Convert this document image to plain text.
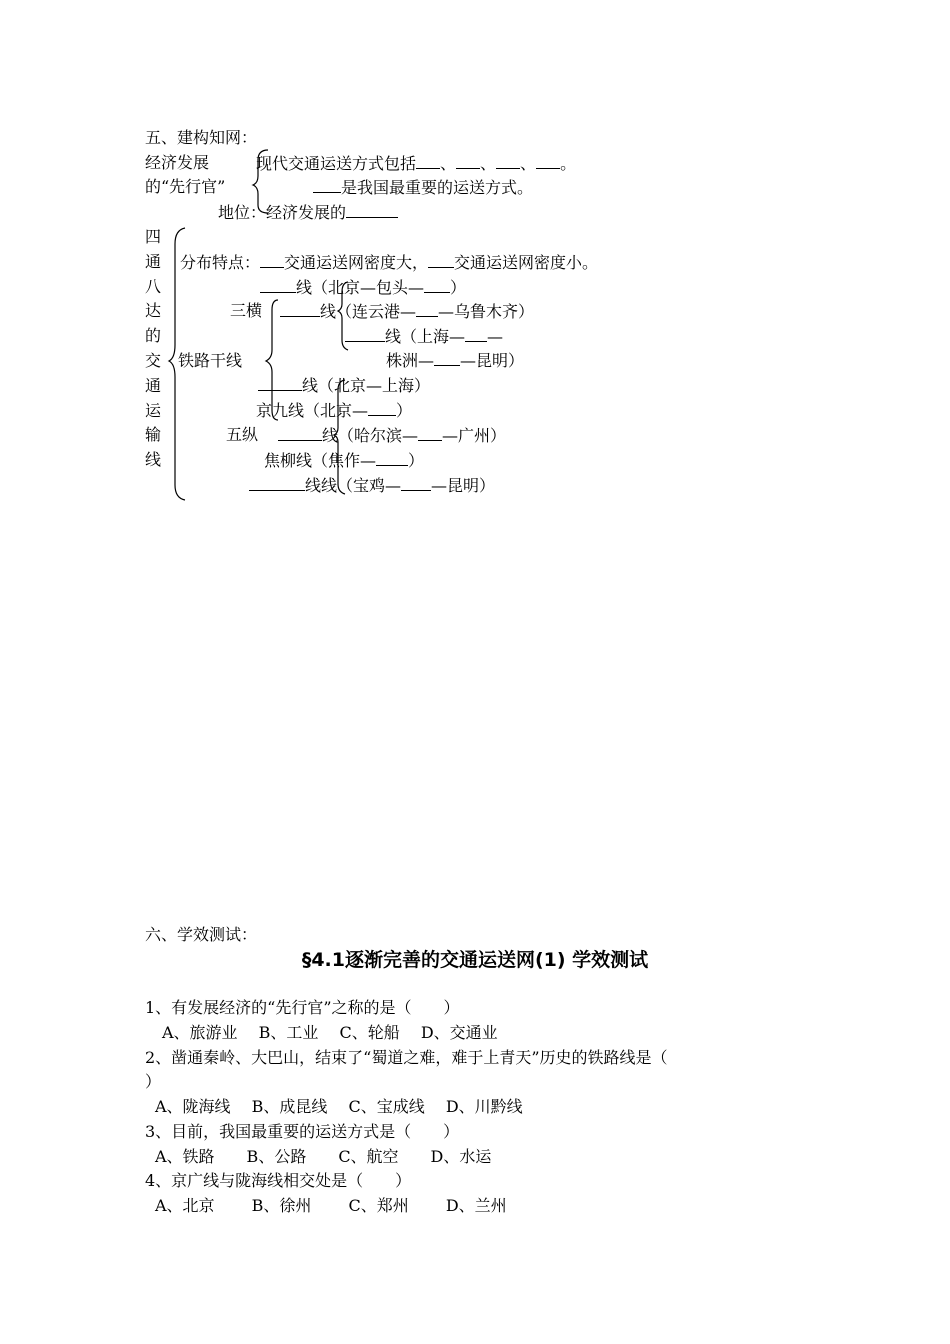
五、建构知网：
经济发展
的“先行官”
现代交通运送方式包括 、 、 、 。
是我国最重要的运送方式。
地位：经济发展的
四
通
八
达
的
交
通
运
输
线
分布特点： 交通运送网密度大， 交通运送网密度小。
铁路干线
三横
五纵
线（北京—包头— ）
线（连云港— —乌鲁木齐）
线（上海— —
株洲— —昆明）
线（北京—上海）
京九线（北京— ）
线（哈尔滨— —广州）
焦柳线（焦作— ）
线线（宝鸡— —昆明）
六、学效测试：
§4.1逐渐完善的交通运送网(1) 学效测试
1、有发展经济的“先行官”之称的是（　　）
A、旅游业　 B、工业　 C、轮船　 D、交通业
2、凿通秦岭、大巴山，结束了“蜀道之难，难于上青天”历史的铁路线是（
）
A、陇海线　 B、成昆线　 C、宝成线　 D、川黔线
3、目前，我国最重要的运送方式是（　　）
A、铁路　　B、公路　　C、航空　　D、水运
4、京广线与陇海线相交处是（　　）
A、北京　　 B、徐州　　 C、郑州　　 D、兰州
